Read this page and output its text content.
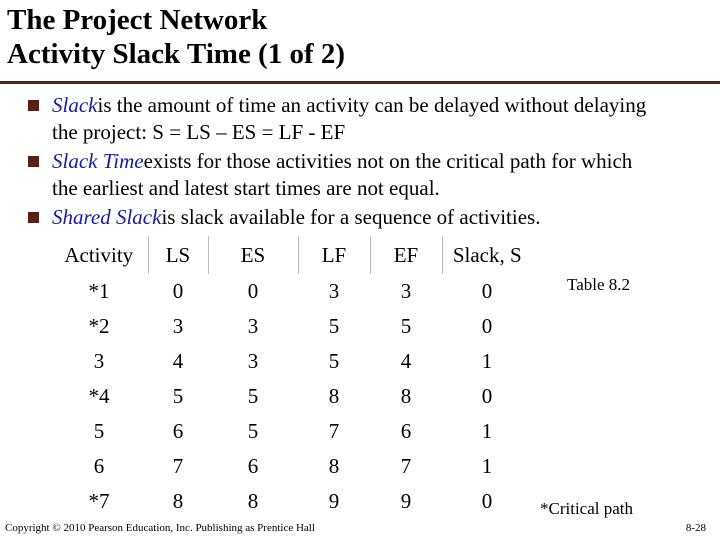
The Project Network
Activity Slack Time (1 of 2)
Slackis the amount of time an activity can be delayed without delaying the project: S = LS – ES = LF - EF
Slack Timeexists for those activities not on the critical path for which the earliest and latest start times are not equal.
Shared Slackis slack available for a sequence of activities.
Activity	LS	ES	LF	EF	Slack, S
*1	0	0	3	3	0
*2	3	3	5	5	0
3	4	3	5	4	1
*4	5	5	8	8	0
5	6	5	7	6	1
6	7	6	8	7	1
*7	8	8	9	9	0
Table 8.2
*Critical path
Copyright © 2010 Pearson Education, Inc. Publishing as Prentice Hall	8-28
